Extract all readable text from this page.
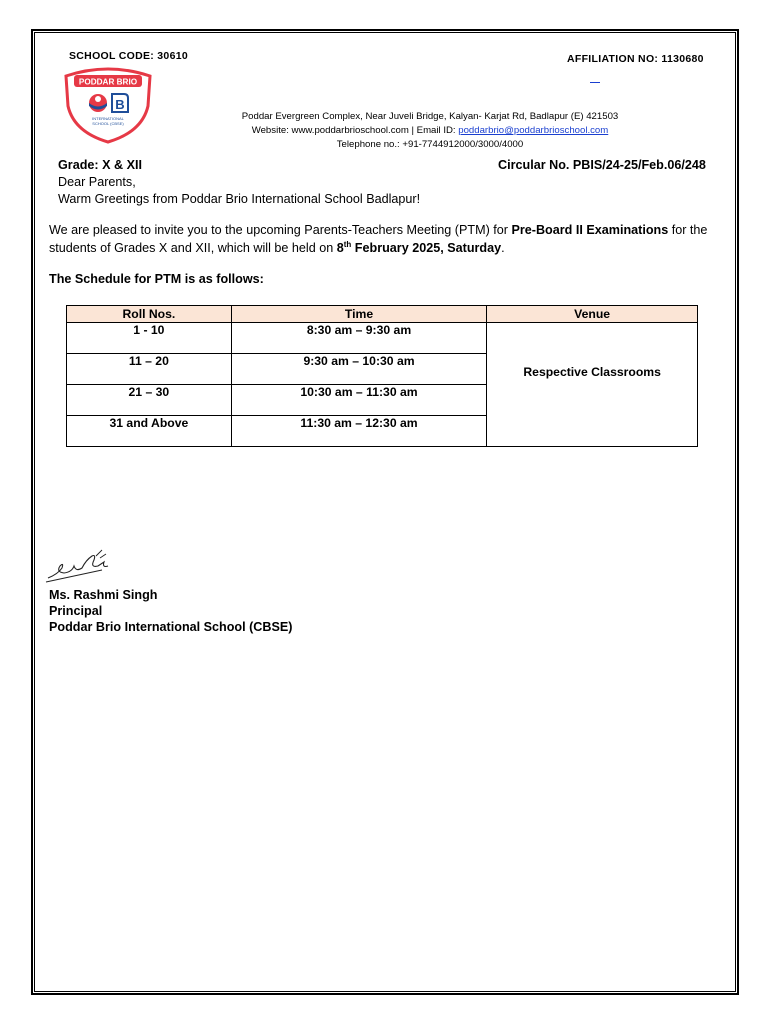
SCHOOL CODE: 30610	AFFILIATION NO: 1130680
PODDAR BRIO
B
INTERNATIONAL
SCHOOL (CBSE)
Poddar Evergreen Complex, Near Juveli Bridge, Kalyan- Karjat Rd, Badlapur (E) 421503
Website: www.poddarbrioschool.com | Email ID: poddarbrio@poddarbrioschool.com
Telephone no.: +91-7744912000/3000/4000
Grade: X & XII	Circular No. PBIS/24-25/Feb.06/248
Dear Parents,
Warm Greetings from Poddar Brio International School Badlapur!
We are pleased to invite you to the upcoming Parents-Teachers Meeting (PTM) for Pre-Board II Examinations for the
students of Grades X and XII, which will be held on 8th February 2025, Saturday.
The Schedule for PTM is as follows:
Roll Nos.	Time	Venue
1 - 10	8:30 am – 9:30 am	Respective Classrooms
11 – 20	9:30 am – 10:30 am	
21 – 30	10:30 am – 11:30 am	
31 and Above	11:30 am – 12:30 am	
Ms. Rashmi Singh
Principal
Poddar Brio International School (CBSE)
